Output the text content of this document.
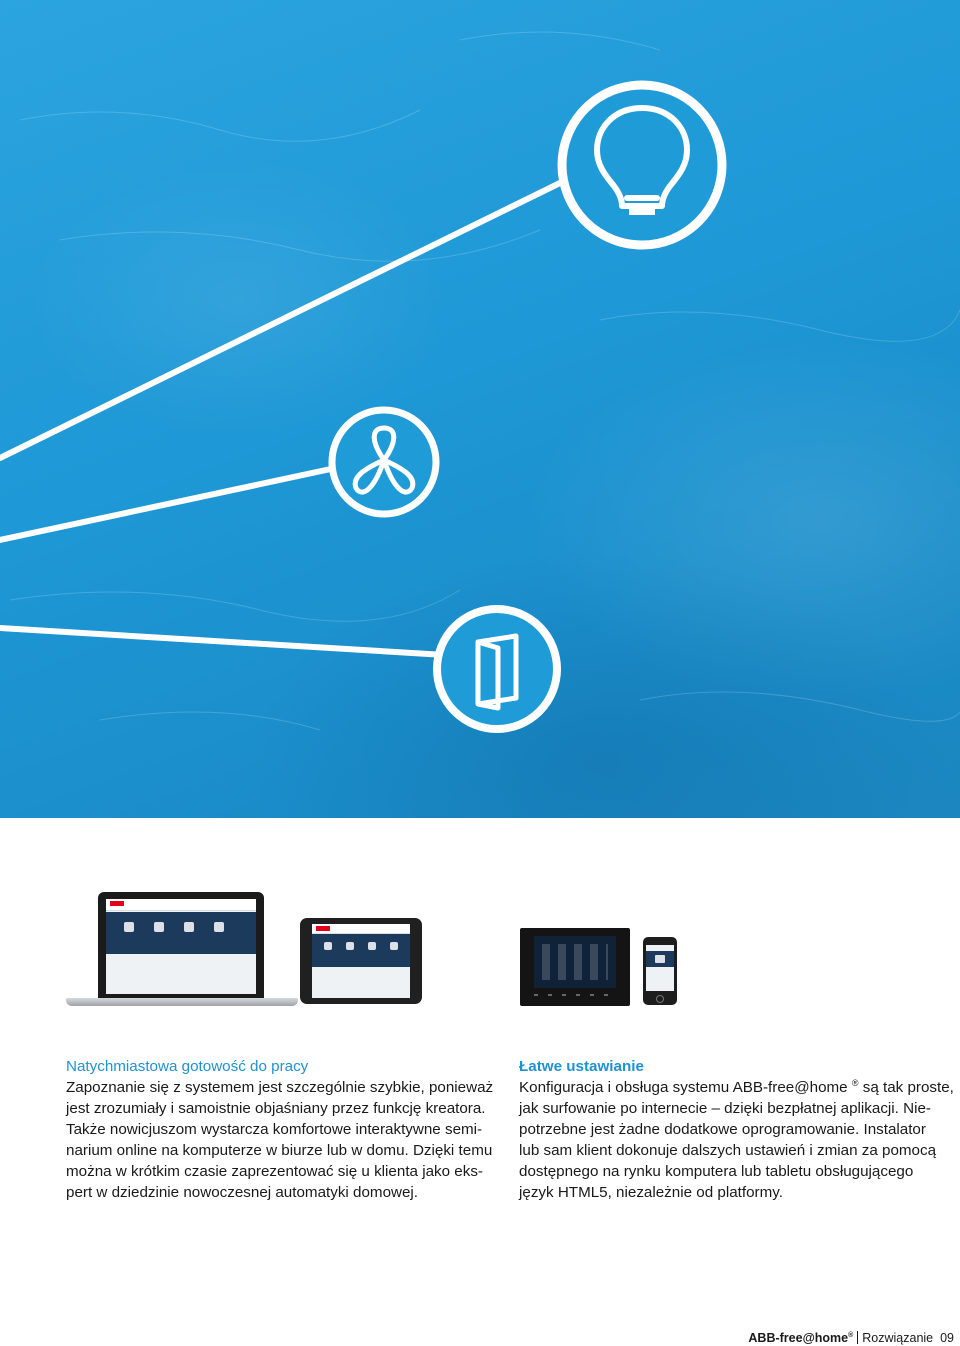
Natychmiastowa gotowość do pracy

Zapoznanie się z systemem jest szczególnie szybkie, ponieważ
jest zrozumiały i samoistnie objaśniany przez funkcję kreatora.
Także nowicjuszom wystarcza komfortowe interaktywne semi-
narium online na komputerze w biurze lub w domu. Dzięki temu
można w krótkim czasie zaprezentować się u klienta jako eks-
pert w dziedzinie nowoczesnej automatyki domowej.

Łatwe ustawianie

Konfiguracja i obsługa systemu ABB-free@home ® są tak proste,
jak surfowanie po internecie – dzięki bezpłatnej aplikacji. Nie-
potrzebne jest żadne dodatkowe oprogramowanie. Instalator
lub sam klient dokonuje dalszych ustawień i zmian za pomocą
dostępnego na rynku komputera lub tabletu obsługującego
język HTML5, niezależnie od platformy.

ABB-free@home® Rozwiązanie 09
